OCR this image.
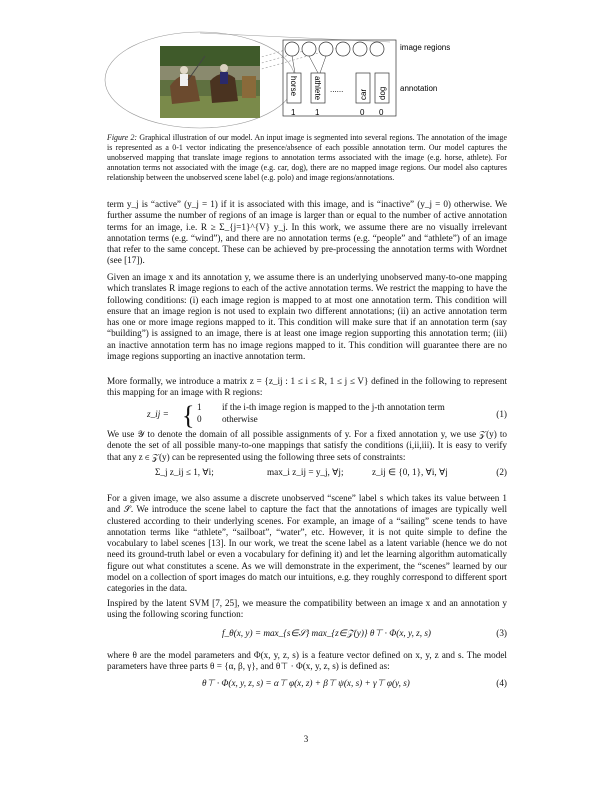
horse athlete	car dog
......
1 1	0 0
image regions
annotation
Figure 2: Graphical illustration of our model. An input image is segmented into several regions. The annotation of the image is represented as a 0-1 vector indicating the presence/absence of each possible annotation term. Our model captures the unobserved mapping that translate image regions to annotation terms associated with the image (e.g. horse, athlete). For annotation terms not associated with the image (e.g. car, dog), there are no mapped image regions. Our model also captures relationship between the unobserved scene label (e.g. polo) and image regions/annotations.
term y_j is “active” (y_j = 1) if it is associated with this image, and is “inactive” (y_j = 0) otherwise. We further assume the number of regions of an image is larger than or equal to the number of active annotation terms for an image, i.e. R ≥ Σ_{j=1}^{V} y_j. In this work, we assume there are no visually irrelevant annotation terms (e.g. “wind”), and there are no annotation terms (e.g. “people” and “athlete”) of an image that refer to the same concept. These can be achieved by pre-processing the annotation terms with Wordnet (see [17]).
Given an image x and its annotation y, we assume there is an underlying unobserved many-to-one mapping which translates R image regions to each of the active annotation terms. We restrict the mapping to have the following conditions: (i) each image region is mapped to at most one annotation term. This condition will ensure that an image region is not used to explain two different annotations; (ii) an active annotation term has one or more image regions mapped to it. This condition will make sure that if an annotation term (say “building”) is assigned to an image, there is at least one image region supporting this annotation term; (iii) an inactive annotation term has no image regions mapped to it. This condition will guarantee there are no image regions supporting an inactive annotation term.
More formally, we introduce a matrix z = {z_ij : 1 ≤ i ≤ R, 1 ≤ j ≤ V} defined in the following to represent this mapping for an image with R regions:
z_ij = { 1 if the i-th image region is mapped to the j-th annotation term
0 otherwise	(1)
We use 𝒴 to denote the domain of all possible assignments of y. For a fixed annotation y, we use 𝒵(y) to denote the set of all possible many-to-one mappings that satisfy the conditions (i,ii,iii). It is easy to verify that any z ∈ 𝒵(y) can be represented using the following three sets of constraints:
Σ_j z_ij ≤ 1, ∀i;	max_i z_ij = y_j, ∀j;	z_ij ∈ {0, 1}, ∀i, ∀j	(2)
For a given image, we also assume a discrete unobserved “scene” label s which takes its value between 1 and 𝒮. We introduce the scene label to capture the fact that the annotations of images are typically well clustered according to their underlying scenes. For example, an image of a “sailing” scene tends to have annotation terms like “athlete”, “sailboat”, “water”, etc. However, it is not quite simple to define the vocabulary to label scenes [13]. In our work, we treat the scene label as a latent variable (hence we do not need its ground-truth label or even a vocabulary for defining it) and let the learning algorithm automatically figure out what constitutes a scene. As we will demonstrate in the experiment, the “scenes” learned by our model on a collection of sport images do match our intuitions, e.g. they roughly correspond to different sport categories in the data.
Inspired by the latent SVM [7, 25], we measure the compatibility between an image x and an annotation y using the following scoring function:
f_θ(x, y) = max_{s∈𝒮} max_{z∈𝒵(y)} θ⊤ · Φ(x, y, z, s)	(3)
where θ are the model parameters and Φ(x, y, z, s) is a feature vector defined on x, y, z and s. The model parameters have three parts θ = {α, β, γ}, and θ⊤ · Φ(x, y, z, s) is defined as:
θ⊤ · Φ(x, y, z, s) = α⊤ φ(x, z) + β⊤ ψ(x, s) + γ⊤ φ(y, s)	(4)
3
